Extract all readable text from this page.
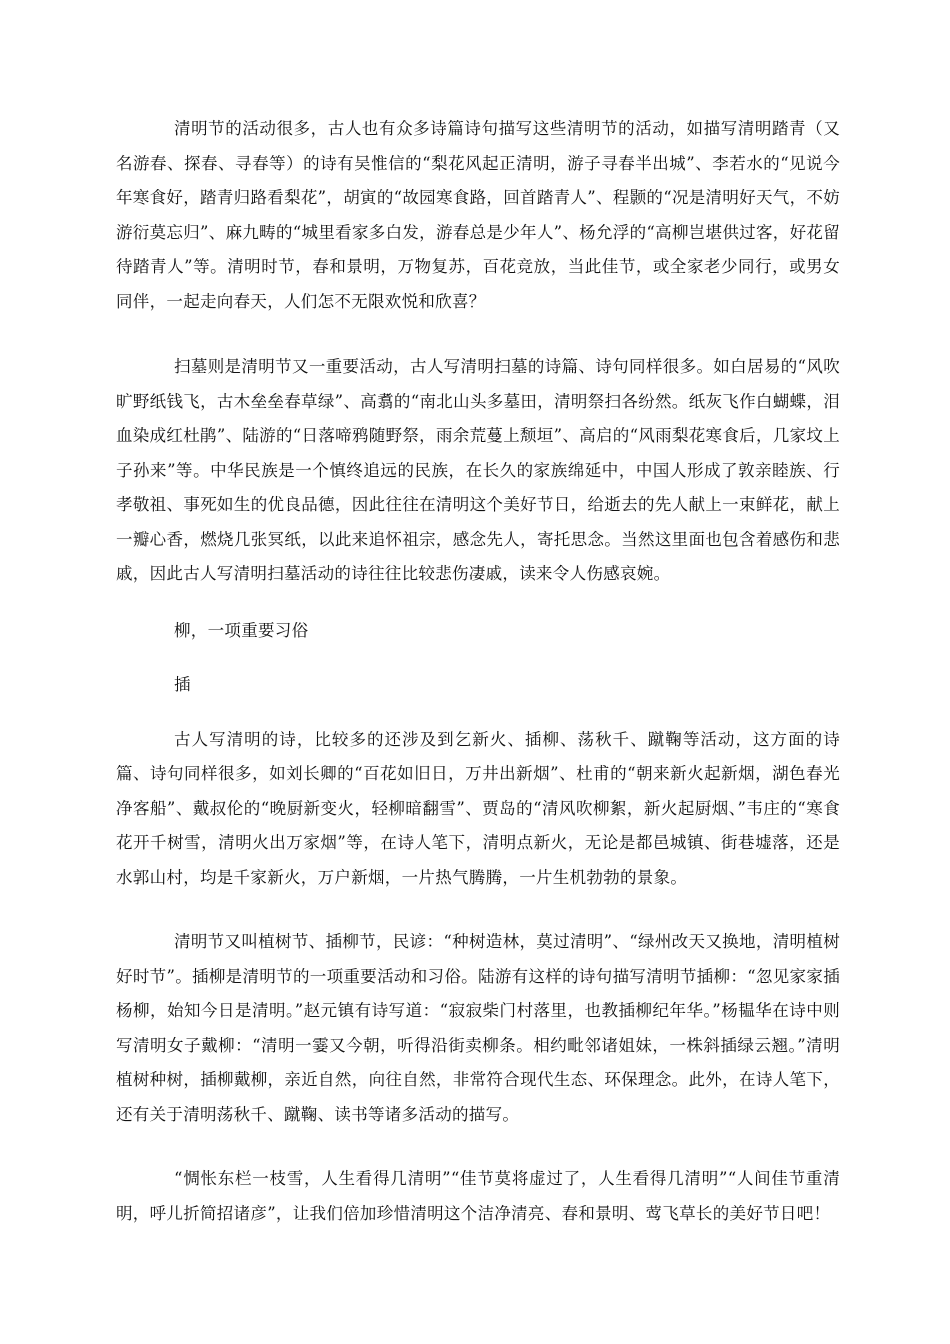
清明节的活动很多，古人也有众多诗篇诗句描写这些清明节的活动，如描写清明踏青（又名游春、探春、寻春等）的诗有吴惟信的“梨花风起正清明，游子寻春半出城”、李若水的“见说今年寒食好，踏青归路看梨花”，胡寅的“故园寒食路，回首踏青人”、程颢的“况是清明好天气，不妨游衍莫忘归”、麻九畴的“城里看家多白发，游春总是少年人”、杨允浮的“高柳岂堪供过客，好花留待踏青人”等。清明时节，春和景明，万物复苏，百花竞放，当此佳节，或全家老少同行，或男女同伴，一起走向春天，人们怎不无限欢悦和欣喜？

扫墓则是清明节又一重要活动，古人写清明扫墓的诗篇、诗句同样很多。如白居易的“风吹旷野纸钱飞，古木垒垒春草绿”、高翥的“南北山头多墓田，清明祭扫各纷然。纸灰飞作白蝴蝶，泪血染成红杜鹃”、陆游的“日落啼鸦随野祭，雨余荒蔓上颓垣”、高启的“风雨梨花寒食后，几家坟上子孙来”等。中华民族是一个慎终追远的民族，在长久的家族绵延中，中国人形成了敦亲睦族、行孝敬祖、事死如生的优良品德，因此往往在清明这个美好节日，给逝去的先人献上一束鲜花，献上一瓣心香，燃烧几张冥纸，以此来追怀祖宗，感念先人，寄托思念。当然这里面也包含着感伤和悲戚，因此古人写清明扫墓活动的诗往往比较悲伤凄戚，读来令人伤感哀婉。

柳，一项重要习俗

插

古人写清明的诗，比较多的还涉及到乞新火、插柳、荡秋千、蹴鞠等活动，这方面的诗篇、诗句同样很多，如刘长卿的“百花如旧日，万井出新烟”、杜甫的“朝来新火起新烟，湖色春光净客船”、戴叔伦的“晚厨新变火，轻柳暗翻雪”、贾岛的“清风吹柳絮，新火起厨烟、”韦庄的“寒食花开千树雪，清明火出万家烟”等，在诗人笔下，清明点新火，无论是都邑城镇、街巷墟落，还是水郭山村，均是千家新火，万户新烟，一片热气腾腾，一片生机勃勃的景象。

清明节又叫植树节、插柳节，民谚：“种树造林，莫过清明”、“绿州改天又换地，清明植树好时节”。插柳是清明节的一项重要活动和习俗。陆游有这样的诗句描写清明节插柳：“忽见家家插杨柳，始知今日是清明。”赵元镇有诗写道：“寂寂柴门村落里，也教插柳纪年华。”杨韫华在诗中则写清明女子戴柳：“清明一霎又今朝，听得沿街卖柳条。相约毗邻诸姐妹，一株斜插绿云翘。”清明植树种树，插柳戴柳，亲近自然，向往自然，非常符合现代生态、环保理念。此外，在诗人笔下，还有关于清明荡秋千、蹴鞠、读书等诸多活动的描写。

“惆怅东栏一枝雪，人生看得几清明”“佳节莫将虚过了，人生看得几清明”“人间佳节重清明，呼儿折简招诸彦”，让我们倍加珍惜清明这个洁净清亮、春和景明、莺飞草长的美好节日吧！
